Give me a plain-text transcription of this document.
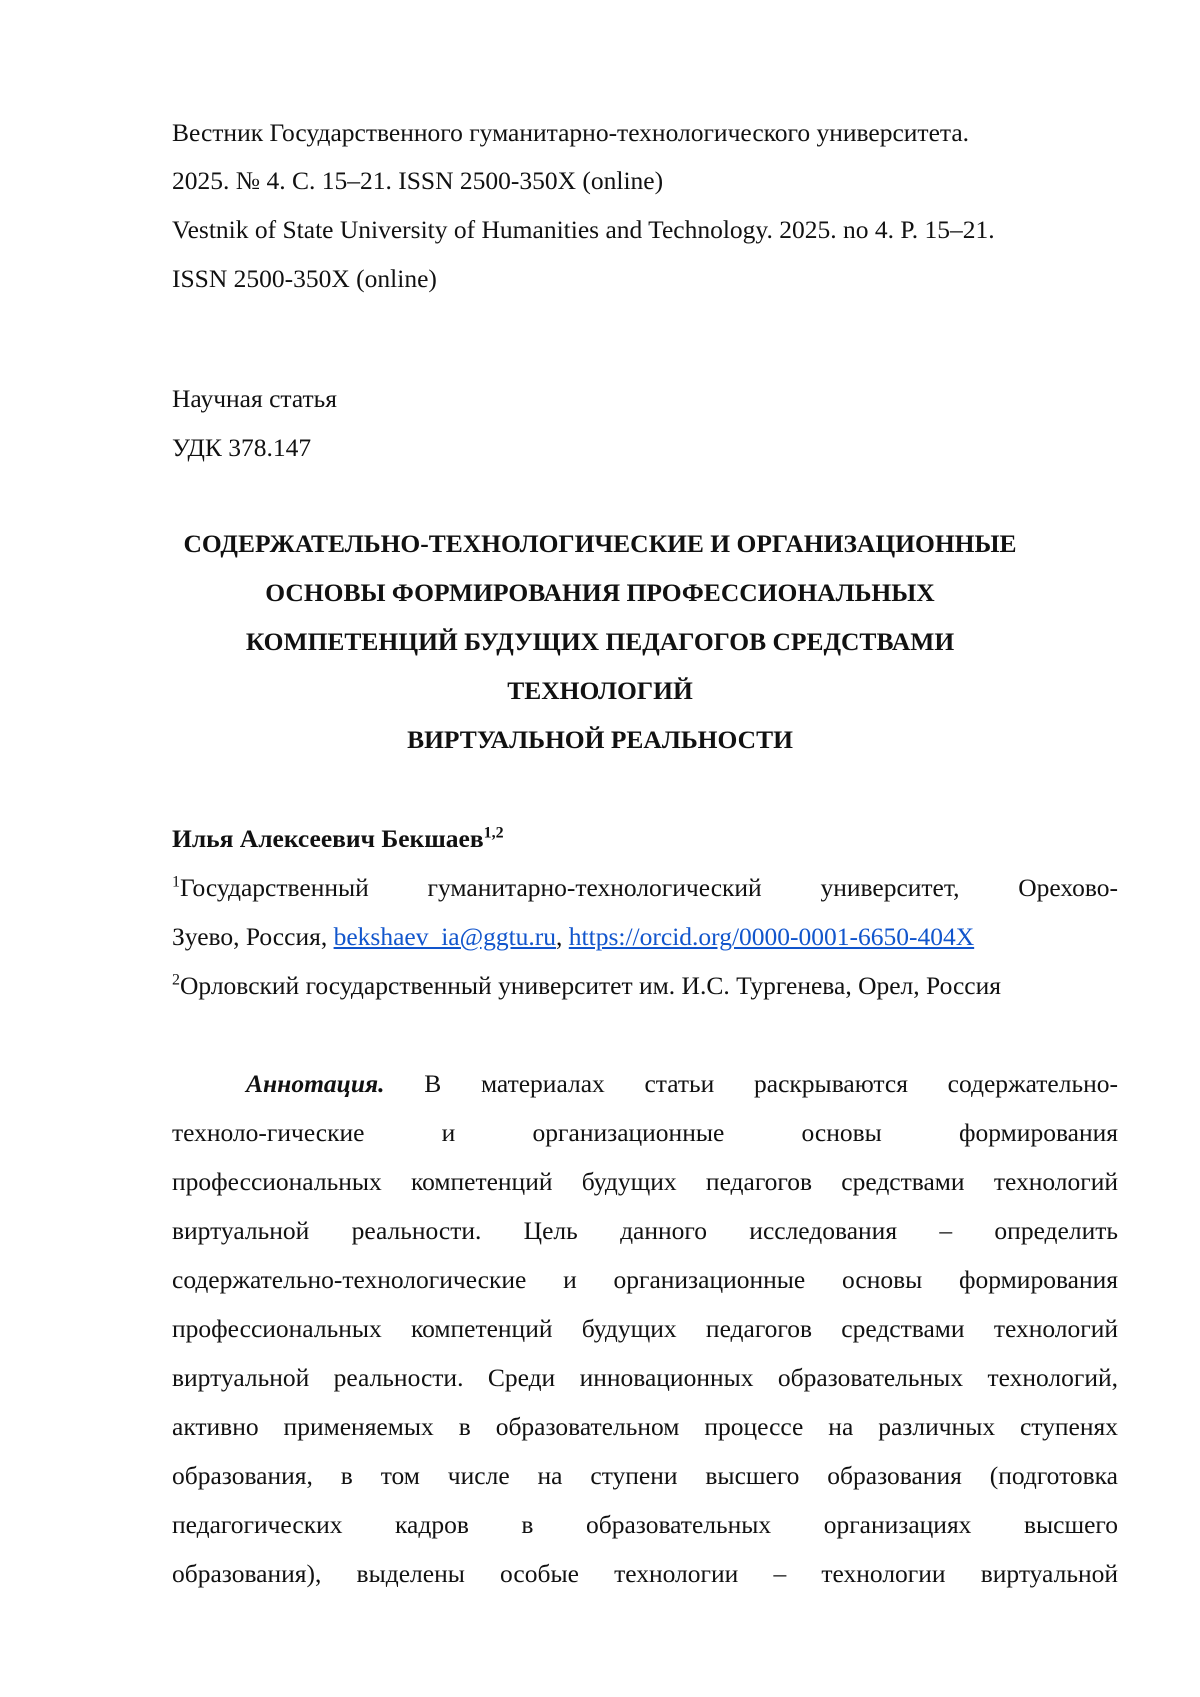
Вестник Государственного гуманитарно-технологического университета.
2025. № 4. С. 15–21. ISSN 2500-350X (online)
Vestnik of State University of Humanities and Technology. 2025. no 4. P. 15–21.
ISSN 2500-350X (online)
Научная статья
УДК 378.147
СОДЕРЖАТЕЛЬНО-ТЕХНОЛОГИЧЕСКИЕ И ОРГАНИЗАЦИОННЫЕ
ОСНОВЫ ФОРМИРОВАНИЯ ПРОФЕССИОНАЛЬНЫХ
КОМПЕТЕНЦИЙ БУДУЩИХ ПЕДАГОГОВ СРЕДСТВАМИ
ТЕХНОЛОГИЙ
ВИРТУАЛЬНОЙ РЕАЛЬНОСТИ
Илья Алексеевич Бекшаев$^{1,2}$
$^1$Государственный гуманитарно-технологический университет, Орехово-
Зуево, Россия, bekshaev_ia@ggtu.ru, https://orcid.org/0000-0001-6650-404X
$^2$Орловский государственный университет им. И.С. Тургенева, Орел, Россия
Аннотация. В материалах статьи раскрываются содержательно-
техноло-гические и организационные основы формирования
профессиональных компетенций будущих педагогов средствами технологий
виртуальной реальности. Цель данного исследования – определить
содержательно-технологические и организационные основы формирования
профессиональных компетенций будущих педагогов средствами технологий
виртуальной реальности. Среди инновационных образовательных технологий,
активно применяемых в образовательном процессе на различных ступенях
образования, в том числе на ступени высшего образования (подготовка
педагогических кадров в образовательных организациях высшего
образования), выделены особые технологии – технологии виртуальной
